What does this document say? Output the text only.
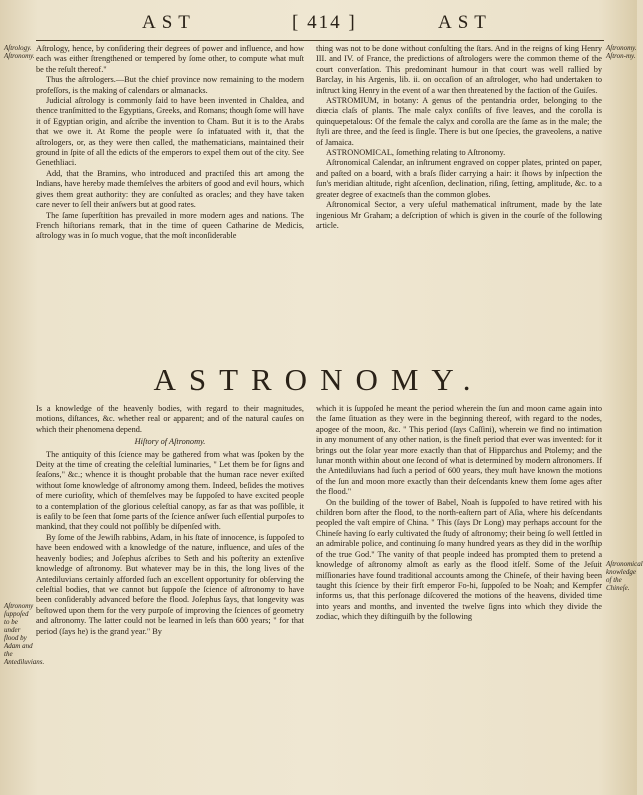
AST	[ 414 ]	AST
Aſtrology. Aſtronomy.
Aſtronomy. Aſtron-my.

Aſtrology, hence, by conſidering their degrees of power and influence, and how each was either ſtrengthened or tempered by ſome other, to compute what muſt be the reſult thereof."

Thus the aſtrologers.—But the chief province now remaining to the modern profeſſors, is the making of calendars or almanacks.

Judicial aſtrology is commonly ſaid to have been invented in Chaldea, and thence tranſmitted to the Egyptians, Greeks, and Romans; though ſome will have it of Egyptian origin, and aſcribe the invention to Cham. But it is to the Arabs that we owe it. At Rome the people were ſo infatuated with it, that the aſtrologers, or, as they were then called, the mathematicians, maintained their ground in ſpite of all the edicts of the emperors to expel them out of the city. See Genethliaci.

Add, that the Bramins, who introduced and practiſed this art among the Indians, have hereby made themſelves the arbiters of good and evil hours, which gives them great authority: they are conſulted as oracles; and they have taken care never to ſell their anſwers but at good rates.

The ſame ſuperſtition has prevailed in more modern ages and nations. The French hiſtorians remark, that in the time of queen Catharine de Medicis, aſtrology was in ſo much vogue, that the moſt inconſiderable

thing was not to be done without conſulting the ſtars. And in the reigns of king Henry III. and IV. of France, the predictions of aſtrologers were the common theme of the court converſation. This predominant humour in that court was well rallied by Barclay, in his Argenis, lib. ii. on occaſion of an aſtrologer, who had undertaken to inſtruct king Henry in the event of a war then threatened by the faction of the Guiſes.

ASTROMIUM, in botany: A genus of the pentandria order, belonging to the diœcia claſs of plants. The male calyx conſiſts of five leaves, and the corolla is quinquepetalous: Of the female the calyx and corolla are the ſame as in the male; the ſtyli are three, and the ſeed is ſingle. There is but one ſpecies, the graveolens, a native of Jamaica.

ASTRONOMICAL, ſomething relating to Aſtronomy.

Aſtronomical Calendar, an inſtrument engraved on copper plates, printed on paper, and paſted on a board, with a braſs ſlider carrying a hair: it ſhows by inſpection the ſun's meridian altitude, right aſcenſion, declination, riſing, ſetting, amplitude, &c. to a greater degree of exactneſs than the common globes.

Aſtronomical Sector, a very uſeful mathematical inſtrument, made by the late ingenious Mr Graham; a deſcription of which is given in the courſe of the following article.

ASTRONOMY.
Aſtronomy ſuppoſed to be under flood by Adam and the Antediluvians.
Aſtronomical knowledge of the Chineſe.

Is a knowledge of the heavenly bodies, with regard to their magnitudes, motions, diſtances, &c. whether real or apparent; and of the natural cauſes on which their phenomena depend.

Hiſtory of Aſtronomy.

The antiquity of this ſcience may be gathered from what was ſpoken by the Deity at the time of creating the celeſtial luminaries, " Let them be for ſigns and ſeaſons," &c.; whence it is thought probable that the human race never exiſted without ſome knowledge of aſtronomy among them. Indeed, beſides the motives of mere curioſity, which of themſelves may be ſuppoſed to have excited people to a contemplation of the glorious celeſtial canopy, as far as that was poſſible, it is eaſily to be ſeen that ſome parts of the ſcience anſwer ſuch eſſential purpoſes to mankind, that they could not poſſibly be diſpenſed with.

By ſome of the Jewiſh rabbins, Adam, in his ſtate of innocence, is ſuppoſed to have been endowed with a knowledge of the nature, influence, and uſes of the heavenly bodies; and Joſephus aſcribes to Seth and his poſterity an extenſive knowledge of aſtronomy. But whatever may be in this, the long lives of the Antediluvians certainly afforded ſuch an excellent opportunity for obſerving the celeſtial bodies, that we cannot but ſuppoſe the ſcience of aſtronomy to have been conſiderably advanced before the flood. Joſephus ſays, that longevity was beſtowed upon them for the very purpoſe of improving the ſciences of geometry and aſtronomy. The latter could not be learned in leſs than 600 years; " for that period (ſays he) is the grand year." By

which it is ſuppoſed he meant the period wherein the ſun and moon came again into the ſame ſituation as they were in the beginning thereof, with regard to the nodes, apogee of the moon, &c. " This period (ſays Caſſini), wherein we find no intimation in any monument of any other nation, is the fineſt period that ever was invented: for it brings out the ſolar year more exactly than that of Hipparchus and Ptolemy; and the lunar month within about one ſecond of what is determined by modern aſtronomers. If the Antediluvians had ſuch a period of 600 years, they muſt have known the motions of the ſun and moon more exactly than their deſcendants knew them ſome ages after the flood."

On the building of the tower of Babel, Noah is ſuppoſed to have retired with his children born after the flood, to the north-eaſtern part of Aſia, where his deſcendants peopled the vaſt empire of China. " This (ſays Dr Long) may perhaps account for the Chineſe having ſo early cultivated the ſtudy of aſtronomy; their being ſo well ſettled in an admirable police, and continuing ſo many hundred years as they did in the worſhip of the true God." The vanity of that people indeed has prompted them to pretend a knowledge of aſtronomy almoſt as early as the flood itſelf. Some of the Jeſuit miſſionaries have found traditional accounts among the Chineſe, of their having been taught this ſcience by their firſt emperor Fo-hi, ſuppoſed to be Noah; and Kempfer informs us, that this perſonage diſcovered the motions of the heavens, divided time into years and months, and invented the twelve ſigns into which they divide the zodiac, which they diſtinguiſh by the following
